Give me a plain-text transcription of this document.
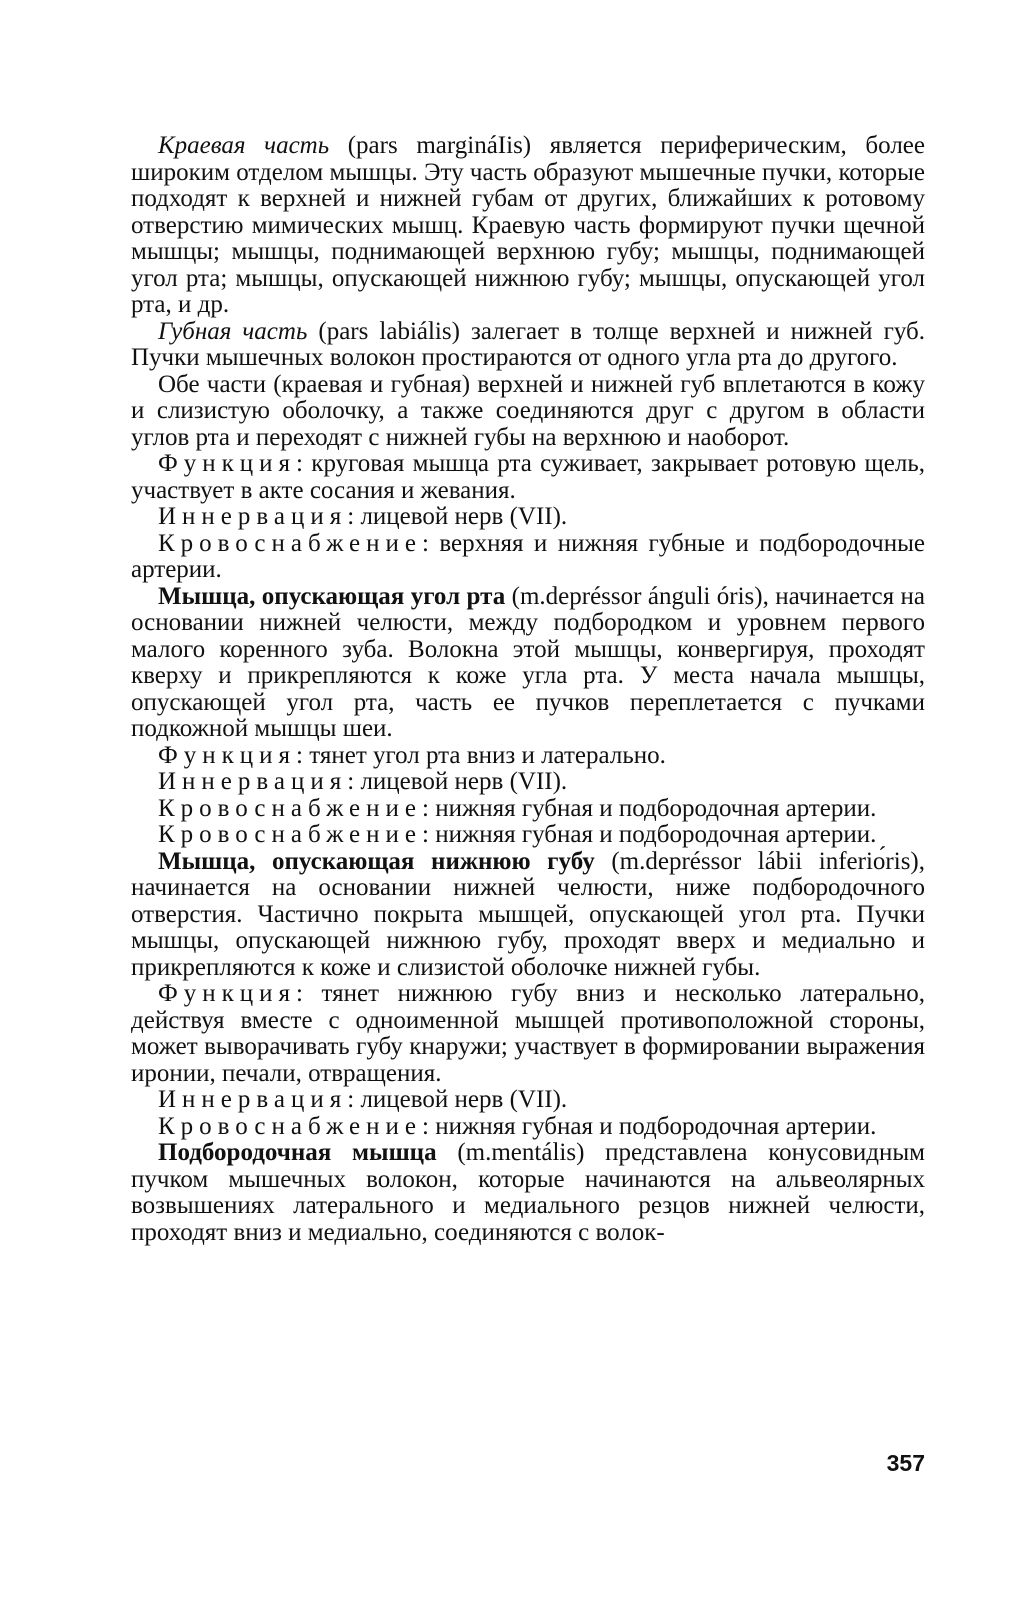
Краевая часть (pars margináIis) является периферическим, более широким отделом мышцы. Эту часть образуют мышечные пучки, которые подходят к верхней и нижней губам от других, ближайших к ротовому отверстию мимических мышц. Краевую часть формируют пучки щечной мышцы; мышцы, поднимающей верхнюю губу; мышцы, поднимающей угол рта; мышцы, опускающей нижнюю губу; мышцы, опускающей угол рта, и др.

Губная часть (pars labiális) залегает в толще верхней и нижней губ. Пучки мышечных волокон простираются от одного угла рта до другого.

Обе части (краевая и губная) верхней и нижней губ вплетаются в кожу и слизистую оболочку, а также соединяются друг с другом в области углов рта и переходят с нижней губы на верхнюю и наоборот.

Функция: круговая мышца рта суживает, закрывает ротовую щель, участвует в акте сосания и жевания.

Иннервация: лицевой нерв (VII).

Кровоснабжение: верхняя и нижняя губные и подбородочные артерии.

Мышца, опускающая угол рта (m.depréssor ánguli óris), начинается на основании нижней челюсти, между подбородком и уровнем первого малого коренного зуба. Волокна этой мышцы, конвергируя, проходят кверху и прикрепляются к коже угла рта. У места начала мышцы, опускающей угол рта, часть ее пучков переплетается с пучками подкожной мышцы шеи.

Функция: тянет угол рта вниз и латерально.

Иннервация: лицевой нерв (VII).

Кровоснабжение: нижняя губная и подбородочная артерии.

Кровоснабжение: нижняя губная и подбородочная артерии.

Мышца, опускающая нижнюю губу (m.depréssor lábii inferiо́ris), начинается на основании нижней челюсти, ниже подбородочного отверстия. Частично покрыта мышцей, опускающей угол рта. Пучки мышцы, опускающей нижнюю губу, проходят вверх и медиально и прикрепляются к коже и слизистой оболочке нижней губы.

Функция: тянет нижнюю губу вниз и несколько латерально, действуя вместе с одноименной мышцей противоположной стороны, может выворачивать губу кнаружи; участвует в формировании выражения иронии, печали, отвращения.

Иннервация: лицевой нерв (VII).

Кровоснабжение: нижняя губная и подбородочная артерии.

Подбородочная мышца (m.mentális) представлена конусовидным пучком мышечных волокон, которые начинаются на альвеолярных возвышениях латерального и медиального резцов нижней челюсти, проходят вниз и медиально, соединяются с волок-

357
